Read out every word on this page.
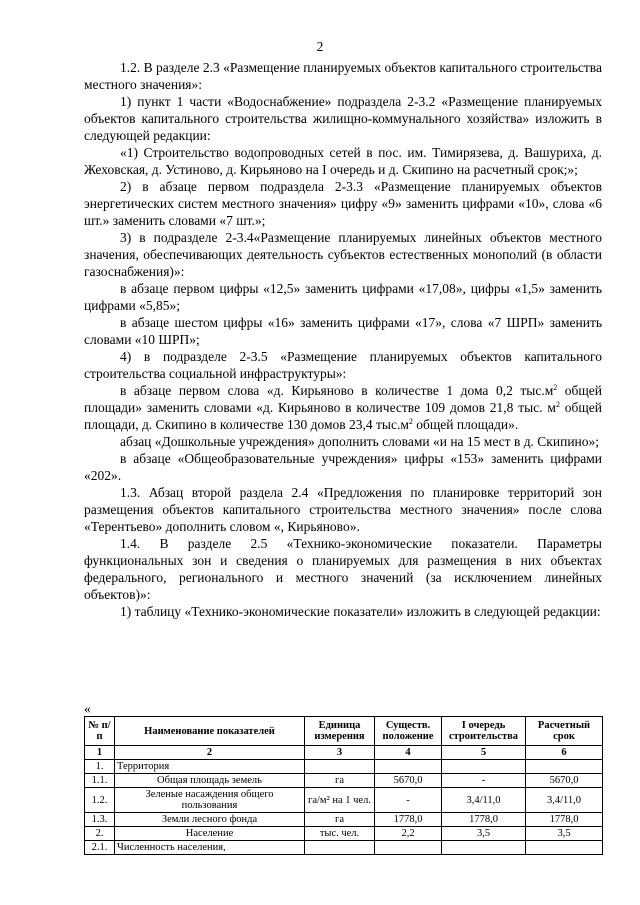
2

1.2. В разделе 2.3 «Размещение планируемых объектов капитального строительства местного значения»:

1) пункт 1 части «Водоснабжение» подраздела 2-3.2 «Размещение планируемых объектов капитального строительства жилищно-коммунального хозяйства» изложить в следующей редакции:

«1) Строительство водопроводных сетей в пос. им. Тимирязева, д. Вашуриха, д. Жеховская, д. Устиново, д. Кирьяново на I очередь и д. Скипино на расчетный срок;»;

2) в абзаце первом подраздела 2-3.3 «Размещение планируемых объектов энергетических систем местного значения» цифру «9» заменить цифрами «10», слова «6 шт.» заменить словами «7 шт.»;

3) в подразделе 2-3.4«Размещение планируемых линейных объектов местного значения, обеспечивающих деятельность субъектов естественных монополий (в области газоснабжения)»:

в абзаце первом цифры «12,5» заменить цифрами «17,08», цифры «1,5» заменить цифрами «5,85»;

в абзаце шестом цифры «16» заменить цифрами «17», слова «7 ШРП» заменить словами «10 ШРП»;

4) в подразделе 2-3.5 «Размещение планируемых объектов капитального строительства социальной инфраструктуры»:

в абзаце первом слова «д. Кирьяново в количестве 1 дома 0,2 $тыс.м^2$ общей площади» заменить словами «д. Кирьяново в количестве 109 домов 21,8 тыс. $м^2$ общей площади, д. Скипино в количестве 130 домов 23,4 $тыс.м^2$ общей площади».

абзац «Дошкольные учреждения» дополнить словами «и на 15 мест в д. Скипино»;

в абзаце «Общеобразовательные учреждения» цифры «153» заменить цифрами «202».

1.3. Абзац второй раздела 2.4 «Предложения по планировке территорий зон размещения объектов капитального строительства местного значения» после слова «Терентьево» дополнить словом «, Кирьяново».

1.4. В разделе 2.5 «Технико-экономические показатели. Параметры функциональных зон и сведения о планируемых для размещения в них объектах федерального, регионального и местного значений (за исключением линейных объектов)»:

1) таблицу «Технико-экономические показатели» изложить в следующей редакции:

«
№ п/п	Наименование показателей	Единица измерения	Существ. положение	I очередь строительства	Расчетный срок
1	2	3	4	5	6
1.	Территория				
1.1.	Общая площадь земель	га	5670,0	-	5670,0
1.2.	Зеленые насаждения общего пользования	га/м² на 1 чел.	-	3,4/11,0	3,4/11,0
1.3.	Земли лесного фонда	га	1778,0	1778,0	1778,0
2.	Население	тыс. чел.	2,2	3,5	3,5
2.1.	Численность населения,				
